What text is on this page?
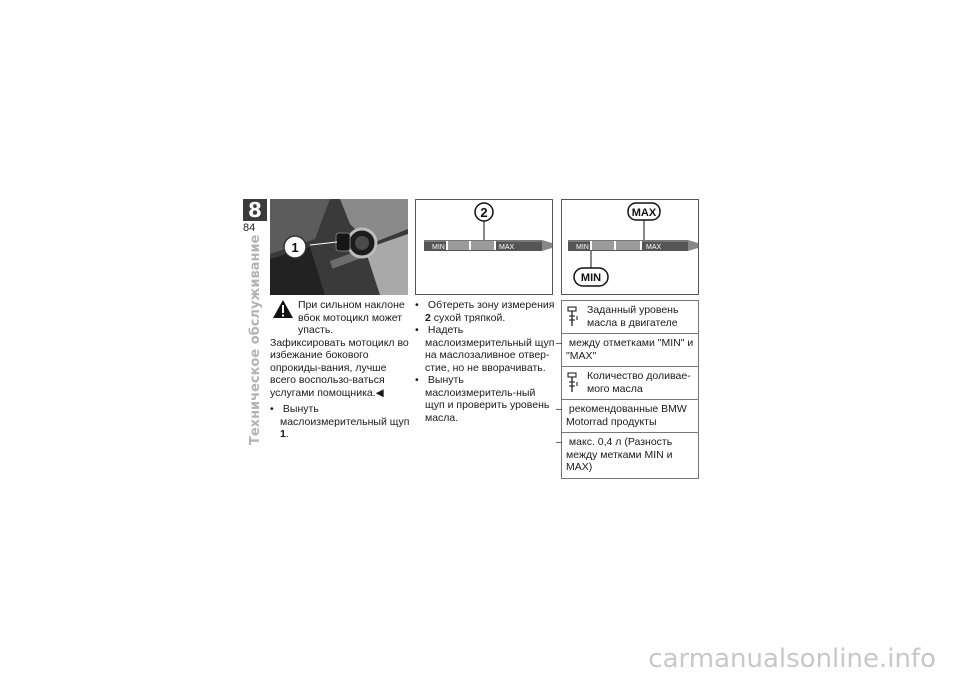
8
84
Техническое обслуживание 1

При сильном наклоне вбок мотоцикл может упасть.

Зафиксировать мотоцикл во избежание бокового опрокиды-вания, лучше всего воспользо-ваться услугами помощника.◀

• Вынуть маслоизмерительный щуп 1.

2
MIN	MAX

• Обтереть зону измерения 2 сухой тряпкой.

• Надеть маслоизмерительный щуп на маслозаливное отвер-стие, но не вворачивать.

• Вынуть маслоизмеритель-ный щуп и проверить уровень масла.

MAX
MIN	MAX
MIN
Заданный уровень масла в двигателе
– между отметками "MIN" и "MAX"
Количество доливае-мого масла
– рекомендованные BMW Motorrad продукты
– макс. 0,4 л (Разность между метками MIN и MAX)
carmanualsonline.info
